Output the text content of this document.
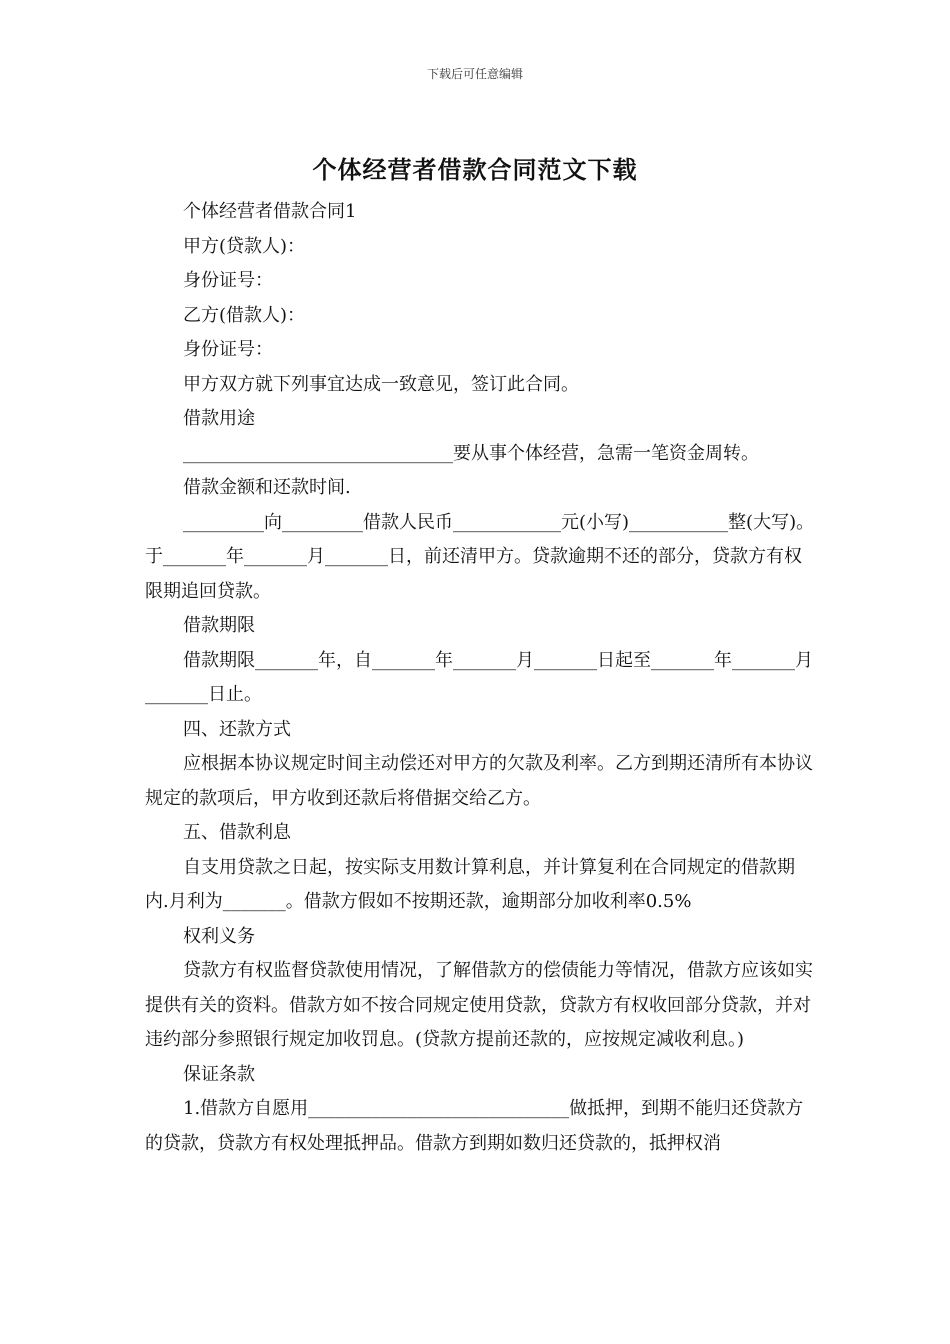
下载后可任意编辑
个体经营者借款合同范文下载

个体经营者借款合同1

甲方(贷款人)：

身份证号：

乙方(借款人)：

身份证号：

甲方双方就下列事宜达成一致意见，签订此合同。

借款用途

______________________________要从事个体经营，急需一笔资金周转。

借款金额和还款时间.

_________向_________借款人民币____________元(小写)___________整(大写)。于_______年_______月_______日，前还清甲方。贷款逾期不还的部分，贷款方有权限期追回贷款。

借款期限

借款期限_______年，自_______年_______月_______日起至_______年_______月_______日止。

四、还款方式

应根据本协议规定时间主动偿还对甲方的欠款及利率。乙方到期还清所有本协议规定的款项后，甲方收到还款后将借据交给乙方。

五、借款利息

自支用贷款之日起，按实际支用数计算利息，并计算复利在合同规定的借款期内.月利为_______。借款方假如不按期还款，逾期部分加收利率0.5%

权利义务

贷款方有权监督贷款使用情况，了解借款方的偿债能力等情况，借款方应该如实提供有关的资料。借款方如不按合同规定使用贷款，贷款方有权收回部分贷款，并对违约部分参照银行规定加收罚息。(贷款方提前还款的，应按规定减收利息。)

保证条款

1.借款方自愿用_____________________________做抵押，到期不能归还贷款方的贷款，贷款方有权处理抵押品。借款方到期如数归还贷款的，抵押权消
